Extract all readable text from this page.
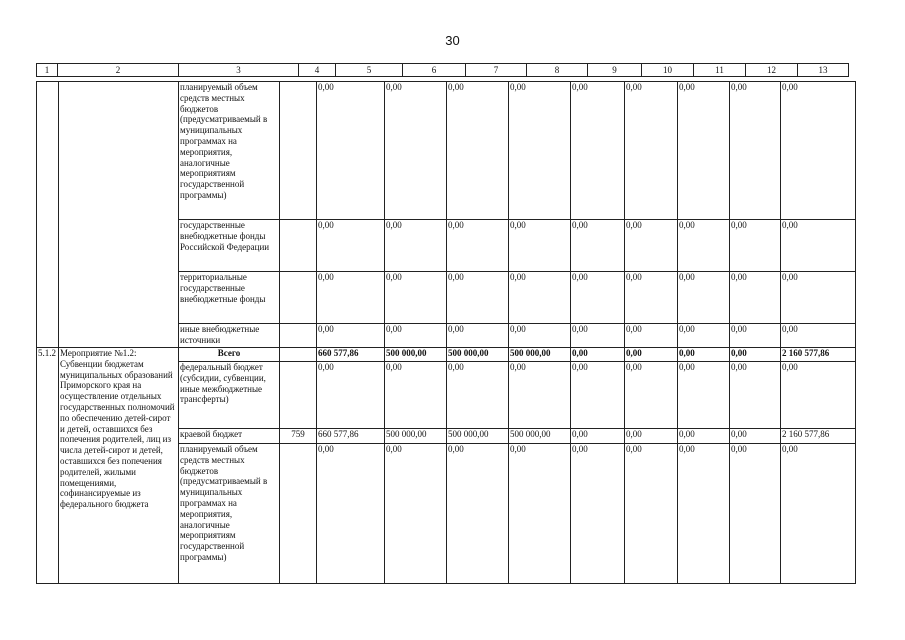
30
1	2	3	4	5	6	7	8	9	10	11	12	13
		планируемый объем средств местных бюджетов (предусматриваемый в муниципальных программах на мероприятия, аналогичные мероприятиям государственной программы)		0,00	0,00	0,00	0,00	0,00	0,00	0,00	0,00	0,00
		государственные внебюджетные фонды Российской Федерации		0,00	0,00	0,00	0,00	0,00	0,00	0,00	0,00	0,00
		территориальные государственные внебюджетные фонды		0,00	0,00	0,00	0,00	0,00	0,00	0,00	0,00	0,00
		иные внебюджетные источники		0,00	0,00	0,00	0,00	0,00	0,00	0,00	0,00	0,00
5.1.2	Мероприятие №1.2: Субвенции бюджетам муниципальных образований Приморского края на осуществление отдельных государственных полномочий по обеспечению детей-сирот и детей, оставшихся без попечения родителей, лиц из числа детей-сирот и детей, оставшихся без попечения родителей, жилыми помещениями, софинансируемые из федерального бюджета	Всего		660 577,86	500 000,00	500 000,00	500 000,00	0,00	0,00	0,00	0,00	2 160 577,86
		федеральный бюджет (субсидии, субвенции, иные межбюджетные трансферты)		0,00	0,00	0,00	0,00	0,00	0,00	0,00	0,00	0,00
		краевой бюджет	759	660 577,86	500 000,00	500 000,00	500 000,00	0,00	0,00	0,00	0,00	2 160 577,86
		планируемый объем средств местных бюджетов (предусматриваемый в муниципальных программах на мероприятия, аналогичные мероприятиям государственной программы)		0,00	0,00	0,00	0,00	0,00	0,00	0,00	0,00	0,00
